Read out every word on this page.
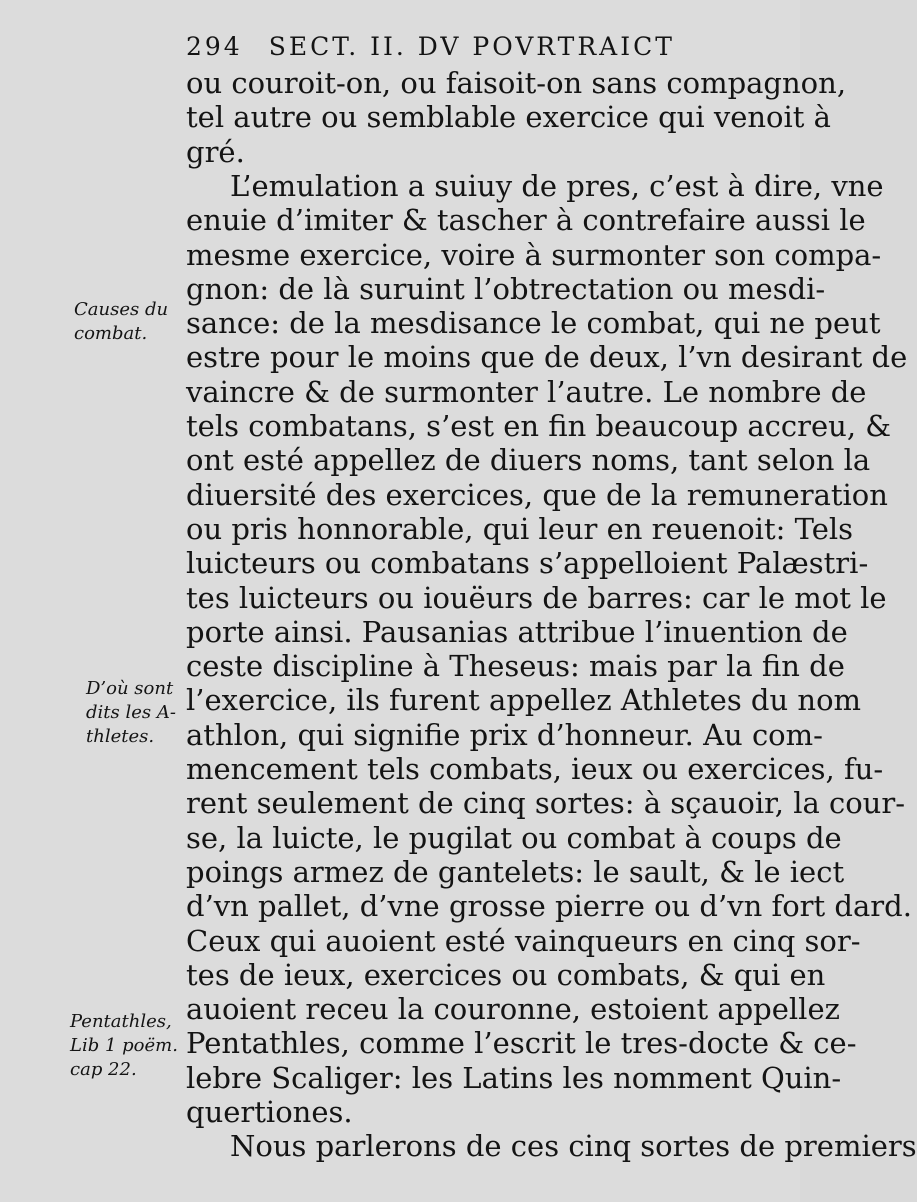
294 SECT. II. DV POVRTRAICT
ou couroit-on, ou faisoit-on sans compagnon,
tel autre ou semblable exercice qui venoit à
gré.
L’emulation a suiuy de pres, c’est à dire, vne
enuie d’imiter & tascher à contrefaire aussi le
mesme exercice, voire à surmonter son compa-
gnon: de là suruint l’obtrectation ou mesdi-
sance: de la mesdisance le combat, qui ne peut
estre pour le moins que de deux, l’vn desirant de
vaincre & de surmonter l’autre. Le nombre de
tels combatans, s’est en fin beaucoup accreu, &
ont esté appellez de diuers noms, tant selon la
diuersité des exercices, que de la remuneration
ou pris honnorable, qui leur en reuenoit: Tels
luicteurs ou combatans s’appelloient Palæstri-
tes luicteurs ou iouëurs de barres: car le mot le
porte ainsi. Pausanias attribue l’inuention de
ceste discipline à Theseus: mais par la fin de
l’exercice, ils furent appellez Athletes du nom
athlon, qui signifie prix d’honneur. Au com-
mencement tels combats, ieux ou exercices, fu-
rent seulement de cinq sortes: à sçauoir, la cour-
se, la luicte, le pugilat ou combat à coups de
poings armez de gantelets: le sault, & le iect
d’vn pallet, d’vne grosse pierre ou d’vn fort dard.
Ceux qui auoient esté vainqueurs en cinq sor-
tes de ieux, exercices ou combats, & qui en
auoient receu la couronne, estoient appellez
Pentathles, comme l’escrit le tres-docte & ce-
lebre Scaliger: les Latins les nomment Quin-
quertiones.
Nous parlerons de ces cinq sortes de premiers
Causes du
combat.
D’où sont
dits les A-
thletes.
Pentathles,
Lib 1 poëm.
cap 22.
